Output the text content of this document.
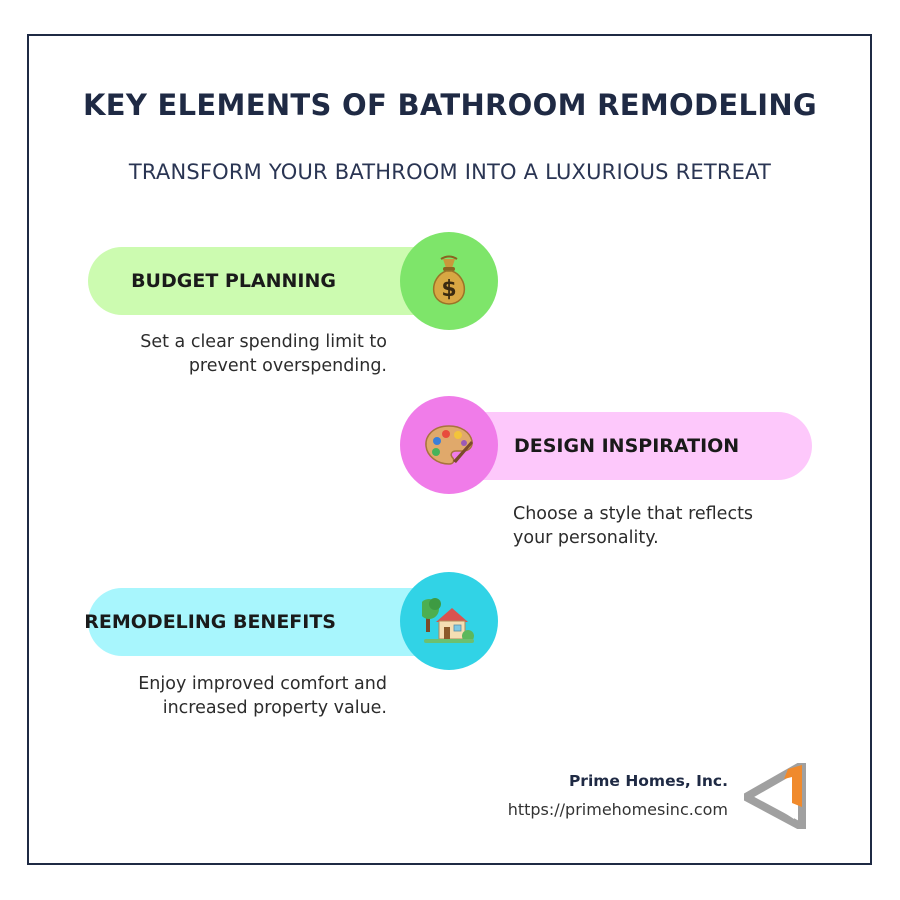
KEY ELEMENTS OF BATHROOM REMODELING
TRANSFORM YOUR BATHROOM INTO A LUXURIOUS RETREAT
BUDGET PLANNING	$
Set a clear spending limit to
prevent overspending.
DESIGN INSPIRATION
Choose a style that reflects
your personality.
REMODELING BENEFITS
Enjoy improved comfort and
increased property value.
Prime Homes, Inc.
https://primehomesinc.com
